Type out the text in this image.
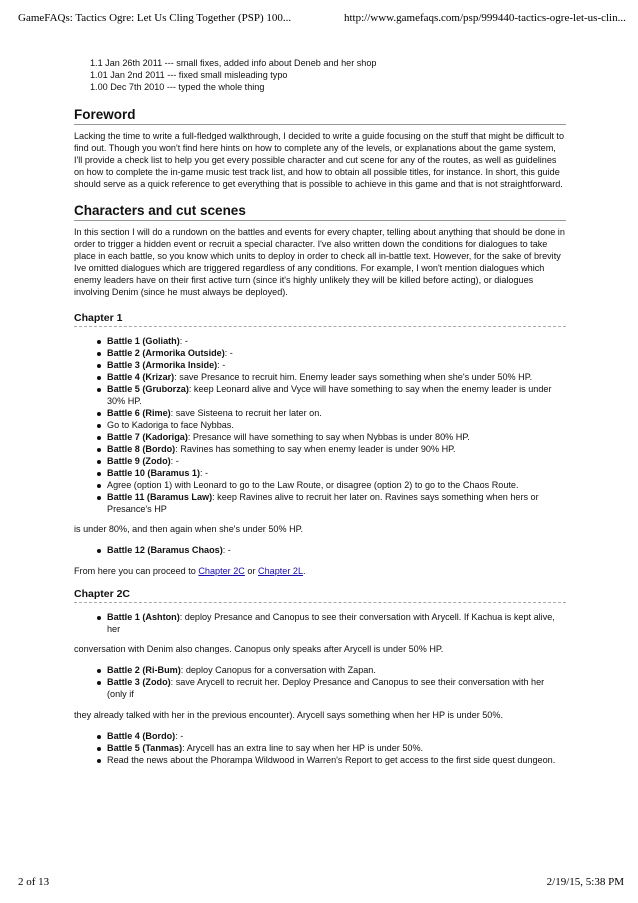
GameFAQs: Tactics Ogre: Let Us Cling Together (PSP) 100...	http://www.gamefaqs.com/psp/999440-tactics-ogre-let-us-clin...
1.1 Jan 26th 2011 --- small fixes, added info about Deneb and her shop
1.01 Jan 2nd 2011 --- fixed small misleading typo
1.00 Dec 7th 2010 --- typed the whole thing
Foreword

Lacking the time to write a full-fledged walkthrough, I decided to write a guide focusing on the stuff that might be difficult to find out. Though you won't find here hints on how to complete any of the levels, or explanations about the game system, I'll provide a check list to help you get every possible character and cut scene for any of the routes, as well as guidelines on how to complete the in-game music test track list, and how to obtain all possible titles, for instance. In short, this guide should serve as a quick reference to get everything that is possible to achieve in this game and that is not straightforward.

Characters and cut scenes

In this section I will do a rundown on the battles and events for every chapter, telling about anything that should be done in order to trigger a hidden event or recruit a special character. I've also written down the conditions for dialogues to take place in each battle, so you know which units to deploy in order to check all in-battle text. However, for the sake of brevity Ive omitted dialogues which are triggered regardless of any conditions. For example, I won't mention dialogues which enemy leaders have on their first active turn (since it's highly unlikely they will be killed before acting), or dialogues involving Denim (since he must always be deployed).

Chapter 1
Battle 1 (Goliath): -
Battle 2 (Armorika Outside): -
Battle 3 (Armorika Inside): -
Battle 4 (Krizar): save Presance to recruit him. Enemy leader says something when she's under 50% HP.
Battle 5 (Gruborza): keep Leonard alive and Vyce will have something to say when the enemy leader is under 30% HP.
Battle 6 (Rime): save Sisteena to recruit her later on.
Go to Kadoriga to face Nybbas.
Battle 7 (Kadoriga): Presance will have something to say when Nybbas is under 80% HP.
Battle 8 (Bordo): Ravines has something to say when enemy leader is under 90% HP.
Battle 9 (Zodo): -
Battle 10 (Baramus 1): -
Agree (option 1) with Leonard to go to the Law Route, or disagree (option 2) to go to the Chaos Route.
Battle 11 (Baramus Law): keep Ravines alive to recruit her later on. Ravines says something when hers or Presance's HP

is under 80%, and then again when she's under 50% HP.

Battle 12 (Baramus Chaos): -

From here you can proceed to Chapter 2C or Chapter 2L.

Chapter 2C
Battle 1 (Ashton): deploy Presance and Canopus to see their conversation with Arycell. If Kachua is kept alive, her

conversation with Denim also changes. Canopus only speaks after Arycell is under 50% HP.

Battle 2 (Ri-Bum): deploy Canopus for a conversation with Zapan.
Battle 3 (Zodo): save Arycell to recruit her. Deploy Presance and Canopus to see their conversation with her (only if

they already talked with her in the previous encounter). Arycell says something when her HP is under 50%.

Battle 4 (Bordo): -
Battle 5 (Tanmas): Arycell has an extra line to say when her HP is under 50%.
Read the news about the Phorampa Wildwood in Warren's Report to get access to the first side quest dungeon.
2 of 13	2/19/15, 5:38 PM
